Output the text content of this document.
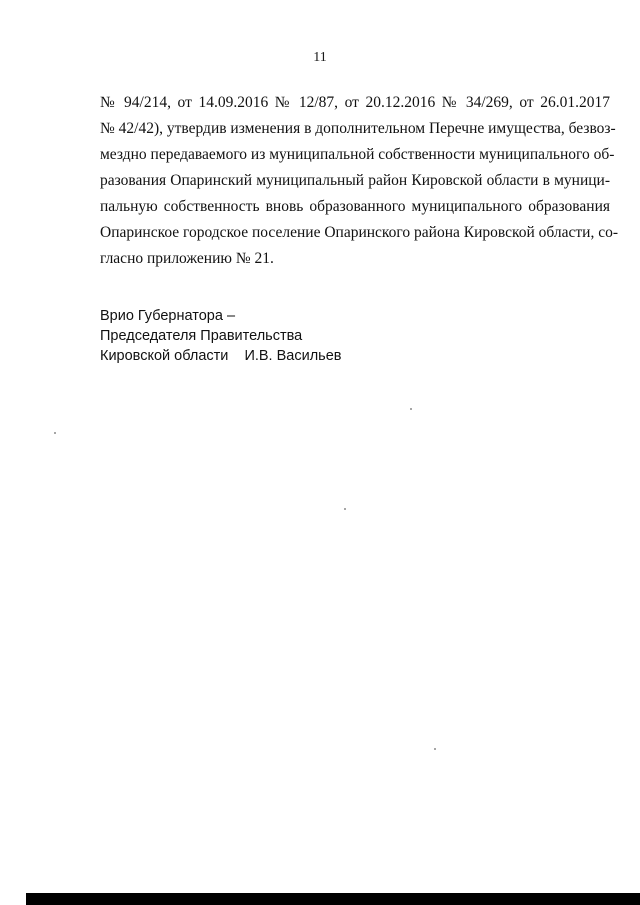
11
№ 94/214, от 14.09.2016 № 12/87, от 20.12.2016 № 34/269, от 26.01.2017
№ 42/42), утвердив изменения в дополнительном Перечне имущества, безвоз-
мездно передаваемого из муниципальной собственности муниципального об-
разования Опаринский муниципальный район Кировской области в муници-
пальную собственность вновь образованного муниципального образования
Опаринское городское поселение Опаринского района Кировской области, со-
гласно приложению № 21.
Врио Губернатора –
Председателя Правительства
Кировской области И.В. Васильев
